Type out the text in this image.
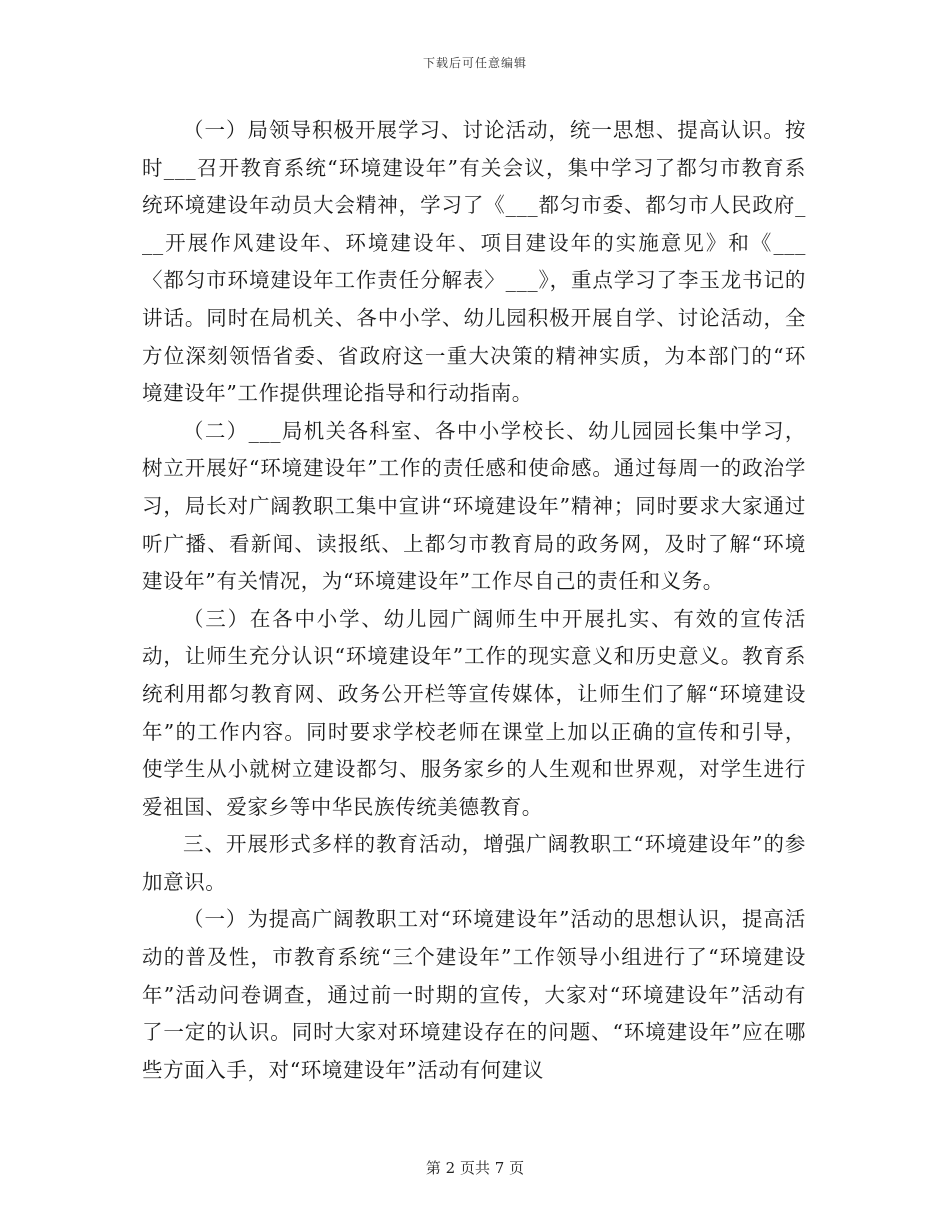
下载后可任意编辑

（一）局领导积极开展学习、讨论活动，统一思想、提高认识。按时___召开教育系统“环境建设年”有关会议，集中学习了都匀市教育系统环境建设年动员大会精神，学习了《___都匀市委、都匀市人民政府___开展作风建设年、环境建设年、项目建设年的实施意见》和《___〈都匀市环境建设年工作责任分解表〉___》，重点学习了李玉龙书记的讲话。同时在局机关、各中小学、幼儿园积极开展自学、讨论活动，全方位深刻领悟省委、省政府这一重大决策的精神实质，为本部门的“环境建设年”工作提供理论指导和行动指南。

（二）___局机关各科室、各中小学校长、幼儿园园长集中学习，树立开展好“环境建设年”工作的责任感和使命感。通过每周一的政治学习，局长对广阔教职工集中宣讲“环境建设年”精神；同时要求大家通过听广播、看新闻、读报纸、上都匀市教育局的政务网，及时了解“环境建设年”有关情况，为“环境建设年”工作尽自己的责任和义务。

（三）在各中小学、幼儿园广阔师生中开展扎实、有效的宣传活动，让师生充分认识“环境建设年”工作的现实意义和历史意义。教育系统利用都匀教育网、政务公开栏等宣传媒体，让师生们了解“环境建设年”的工作内容。同时要求学校老师在课堂上加以正确的宣传和引导，使学生从小就树立建设都匀、服务家乡的人生观和世界观，对学生进行爱祖国、爱家乡等中华民族传统美德教育。

三、开展形式多样的教育活动，增强广阔教职工“环境建设年”的参加意识。

（一）为提高广阔教职工对“环境建设年”活动的思想认识，提高活动的普及性，市教育系统“三个建设年”工作领导小组进行了“环境建设年”活动问卷调查，通过前一时期的宣传，大家对“环境建设年”活动有了一定的认识。同时大家对环境建设存在的问题、“环境建设年”应在哪些方面入手，对“环境建设年”活动有何建议

第 2 页共 7 页
